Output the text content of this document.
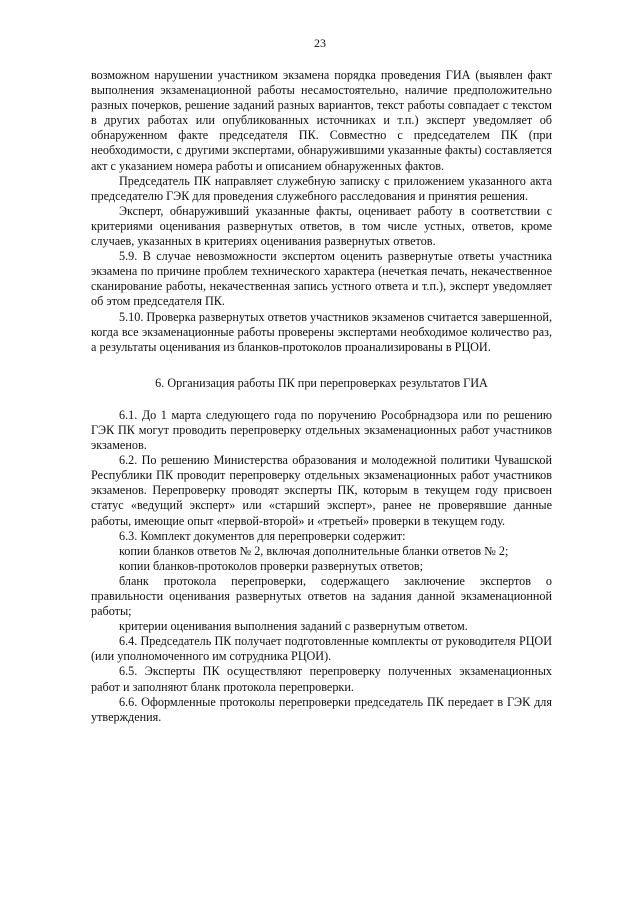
23

возможном нарушении участником экзамена порядка проведения ГИА (выявлен факт выполнения экзаменационной работы несамостоятельно, наличие предположительно разных почерков, решение заданий разных вариантов, текст работы совпадает с текстом в других работах или опубликованных источниках и т.п.) эксперт уведомляет об обнаруженном факте председателя ПК. Совместно с председателем ПК (при необходимости, с другими экспертами, обнаружившими указанные факты) составляется акт с указанием номера работы и описанием обнаруженных фактов.

Председатель ПК направляет служебную записку с приложением указанного акта председателю ГЭК для проведения служебного расследования и принятия решения.

Эксперт, обнаруживший указанные факты, оценивает работу в соответствии с критериями оценивания развернутых ответов, в том числе устных, ответов, кроме случаев, указанных в критериях оценивания развернутых ответов.

5.9. В случае невозможности экспертом оценить развернутые ответы участника экзамена по причине проблем технического характера (нечеткая печать, некачественное сканирование работы, некачественная запись устного ответа и т.п.), эксперт уведомляет об этом председателя ПК.

5.10. Проверка развернутых ответов участников экзаменов считается завершенной, когда все экзаменационные работы проверены экспертами необходимое количество раз, а результаты оценивания из бланков-протоколов проанализированы в РЦОИ.

6. Организация работы ПК при перепроверках результатов ГИА

6.1. До 1 марта следующего года по поручению Рособрнадзора или по решению ГЭК ПК могут проводить перепроверку отдельных экзаменационных работ участников экзаменов.

6.2. По решению Министерства образования и молодежной политики Чувашской Республики ПК проводит перепроверку отдельных экзаменационных работ участников экзаменов. Перепроверку проводят эксперты ПК, которым в текущем году присвоен статус «ведущий эксперт» или «старший эксперт», ранее не проверявшие данные работы, имеющие опыт «первой-второй» и «третьей» проверки в текущем году.

6.3. Комплект документов для перепроверки содержит:

копии бланков ответов № 2, включая дополнительные бланки ответов № 2;

копии бланков-протоколов проверки развернутых ответов;

бланк протокола перепроверки, содержащего заключение экспертов о правильности оценивания развернутых ответов на задания данной экзаменационной работы;

критерии оценивания выполнения заданий с развернутым ответом.

6.4. Председатель ПК получает подготовленные комплекты от руководителя РЦОИ (или уполномоченного им сотрудника РЦОИ).

6.5. Эксперты ПК осуществляют перепроверку полученных экзаменационных работ и заполняют бланк протокола перепроверки.

6.6. Оформленные протоколы перепроверки председатель ПК передает в ГЭК для утверждения.
